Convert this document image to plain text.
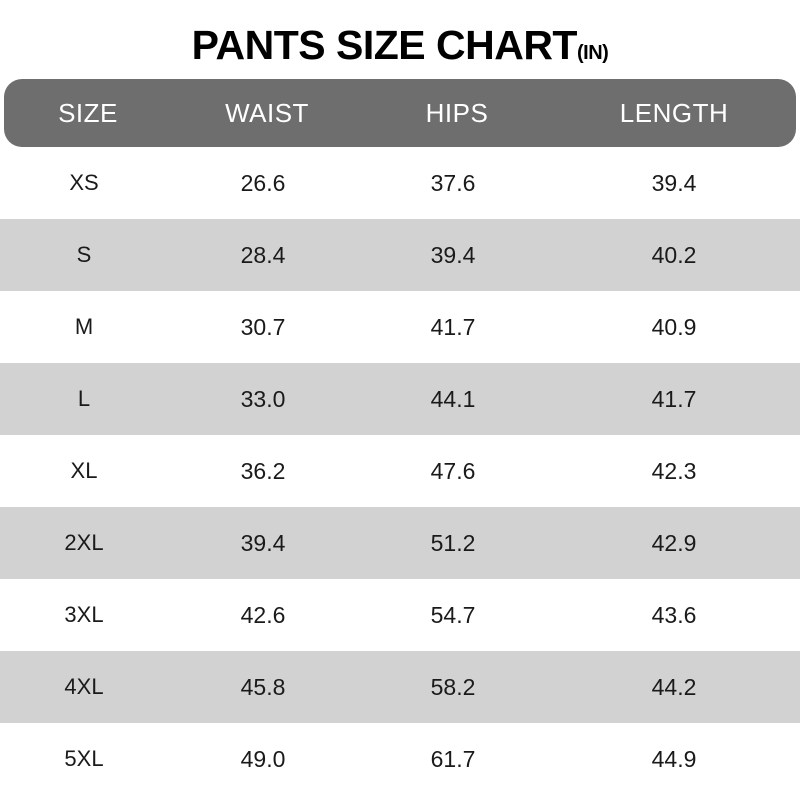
PANTS SIZE CHART(IN)
SIZE	WAIST	HIPS	LENGTH
XS	26.6	37.6	39.4
S	28.4	39.4	40.2
M	30.7	41.7	40.9
L	33.0	44.1	41.7
XL	36.2	47.6	42.3
2XL	39.4	51.2	42.9
3XL	42.6	54.7	43.6
4XL	45.8	58.2	44.2
5XL	49.0	61.7	44.9
